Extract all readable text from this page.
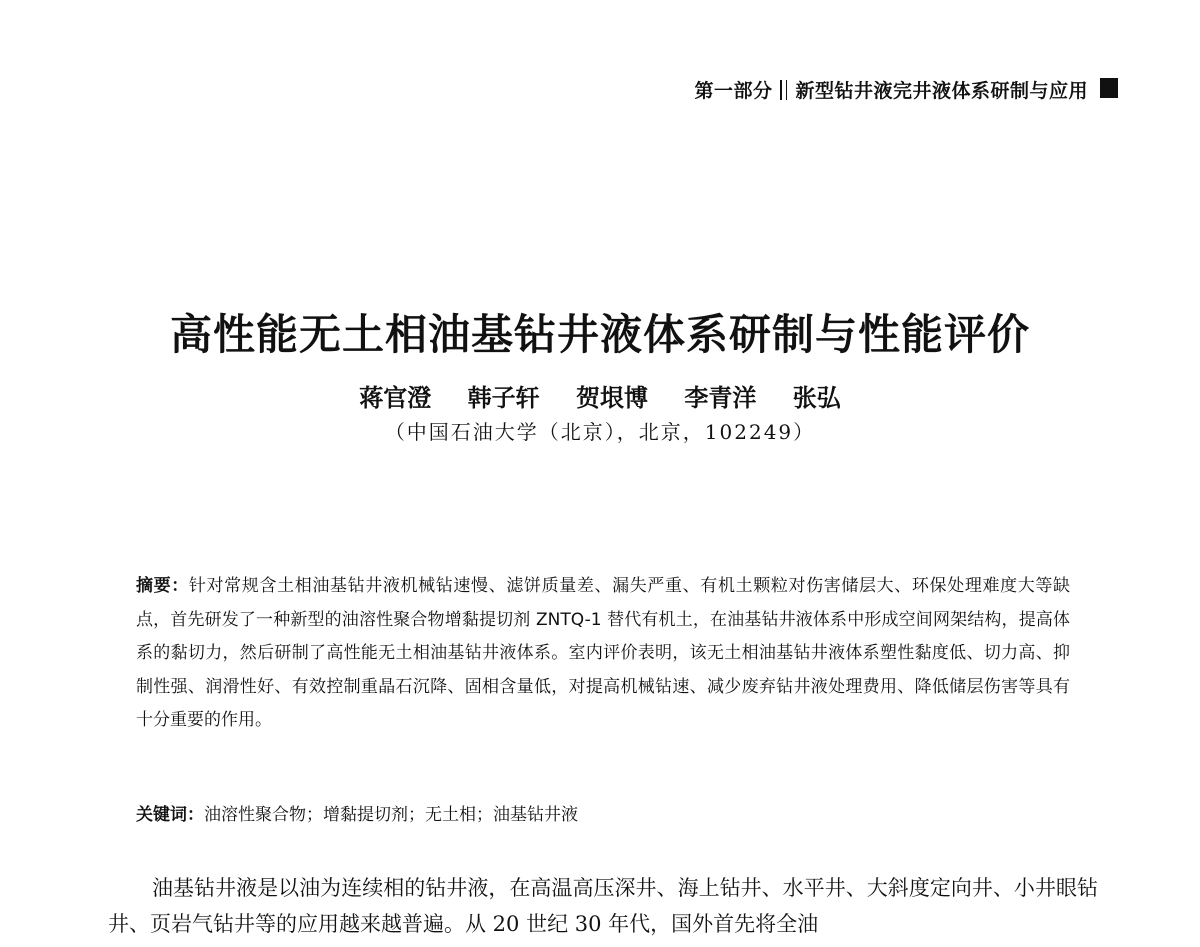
第一部分 新型钻井液完井液体系研制与应用
高性能无土相油基钻井液体系研制与性能评价
蒋官澄 韩子轩 贺垠博 李青洋 张弘
（中国石油大学（北京），北京，102249）
摘要：针对常规含土相油基钻井液机械钻速慢、滤饼质量差、漏失严重、有机土颗粒对伤害储层大、环保处理难度大等缺点，首先研发了一种新型的油溶性聚合物增黏提切剂 ZNTQ-1 替代有机土，在油基钻井液体系中形成空间网架结构，提高体系的黏切力，然后研制了高性能无土相油基钻井液体系。室内评价表明，该无土相油基钻井液体系塑性黏度低、切力高、抑制性强、润滑性好、有效控制重晶石沉降、固相含量低，对提高机械钻速、减少废弃钻井液处理费用、降低储层伤害等具有十分重要的作用。
关键词：油溶性聚合物；增黏提切剂；无土相；油基钻井液
油基钻井液是以油为连续相的钻井液，在高温高压深井、海上钻井、水平井、大斜度定向井、小井眼钻井、页岩气钻井等的应用越来越普遍。从 20 世纪 30 年代，国外首先将全油
